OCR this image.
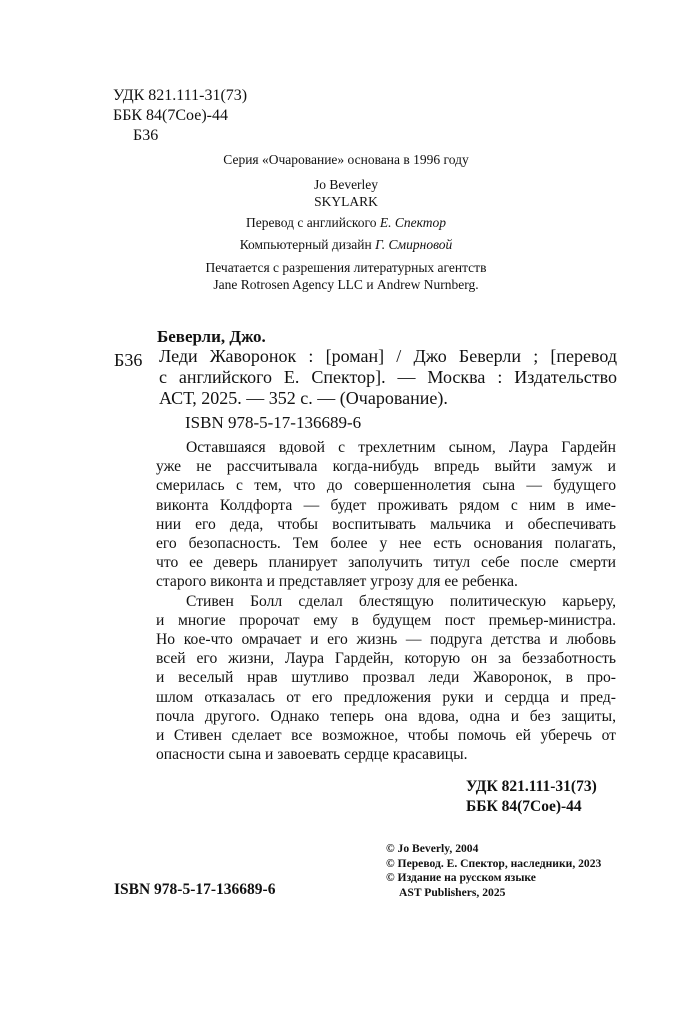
УДК 821.111-31(73)
ББК 84(7Сое)-44
Б36
Серия «Очарование» основана в 1996 году
Jo Beverley
SKYLARK
Перевод с английского Е. Спектор
Компьютерный дизайн Г. Смирновой
Печатается с разрешения литературных агентств
Jane Rotrosen Agency LLC и Andrew Nurnberg.
Беверли, Джо.
Б36 Леди Жаворонок : [роман] / Джо Беверли ; [перевод
с английского Е. Спектор]. — Москва : Издательство
АСТ, 2025. — 352 с. — (Очарование).
ISBN 978-5-17-136689-6
Оставшаяся вдовой с трехлетним сыном, Лаура Гардейн
уже не рассчитывала когда-нибудь впредь выйти замуж и
смерилась с тем, что до совершеннолетия сына — будущего
виконта Колдфорта — будет проживать рядом с ним в име-
нии его деда, чтобы воспитывать мальчика и обеспечивать
его безопасность. Тем более у нее есть основания полагать,
что ее деверь планирует заполучить титул себе после смерти
старого виконта и представляет угрозу для ее ребенка.
Стивен Болл сделал блестящую политическую карьеру,
и многие пророчат ему в будущем пост премьер-министра.
Но кое-что омрачает и его жизнь — подруга детства и любовь
всей его жизни, Лаура Гардейн, которую он за беззаботность
и веселый нрав шутливо прозвал леди Жаворонок, в про-
шлом отказалась от его предложения руки и сердца и пред-
почла другого. Однако теперь она вдова, одна и без защиты,
и Стивен сделает все возможное, чтобы помочь ей уберечь от
опасности сына и завоевать сердце красавицы.
УДК 821.111-31(73)
ББК 84(7Сое)-44
© Jo Beverly, 2004
© Перевод. Е. Спектор, наследники, 2023
© Издание на русском языке
AST Publishers, 2025
ISBN 978-5-17-136689-6
